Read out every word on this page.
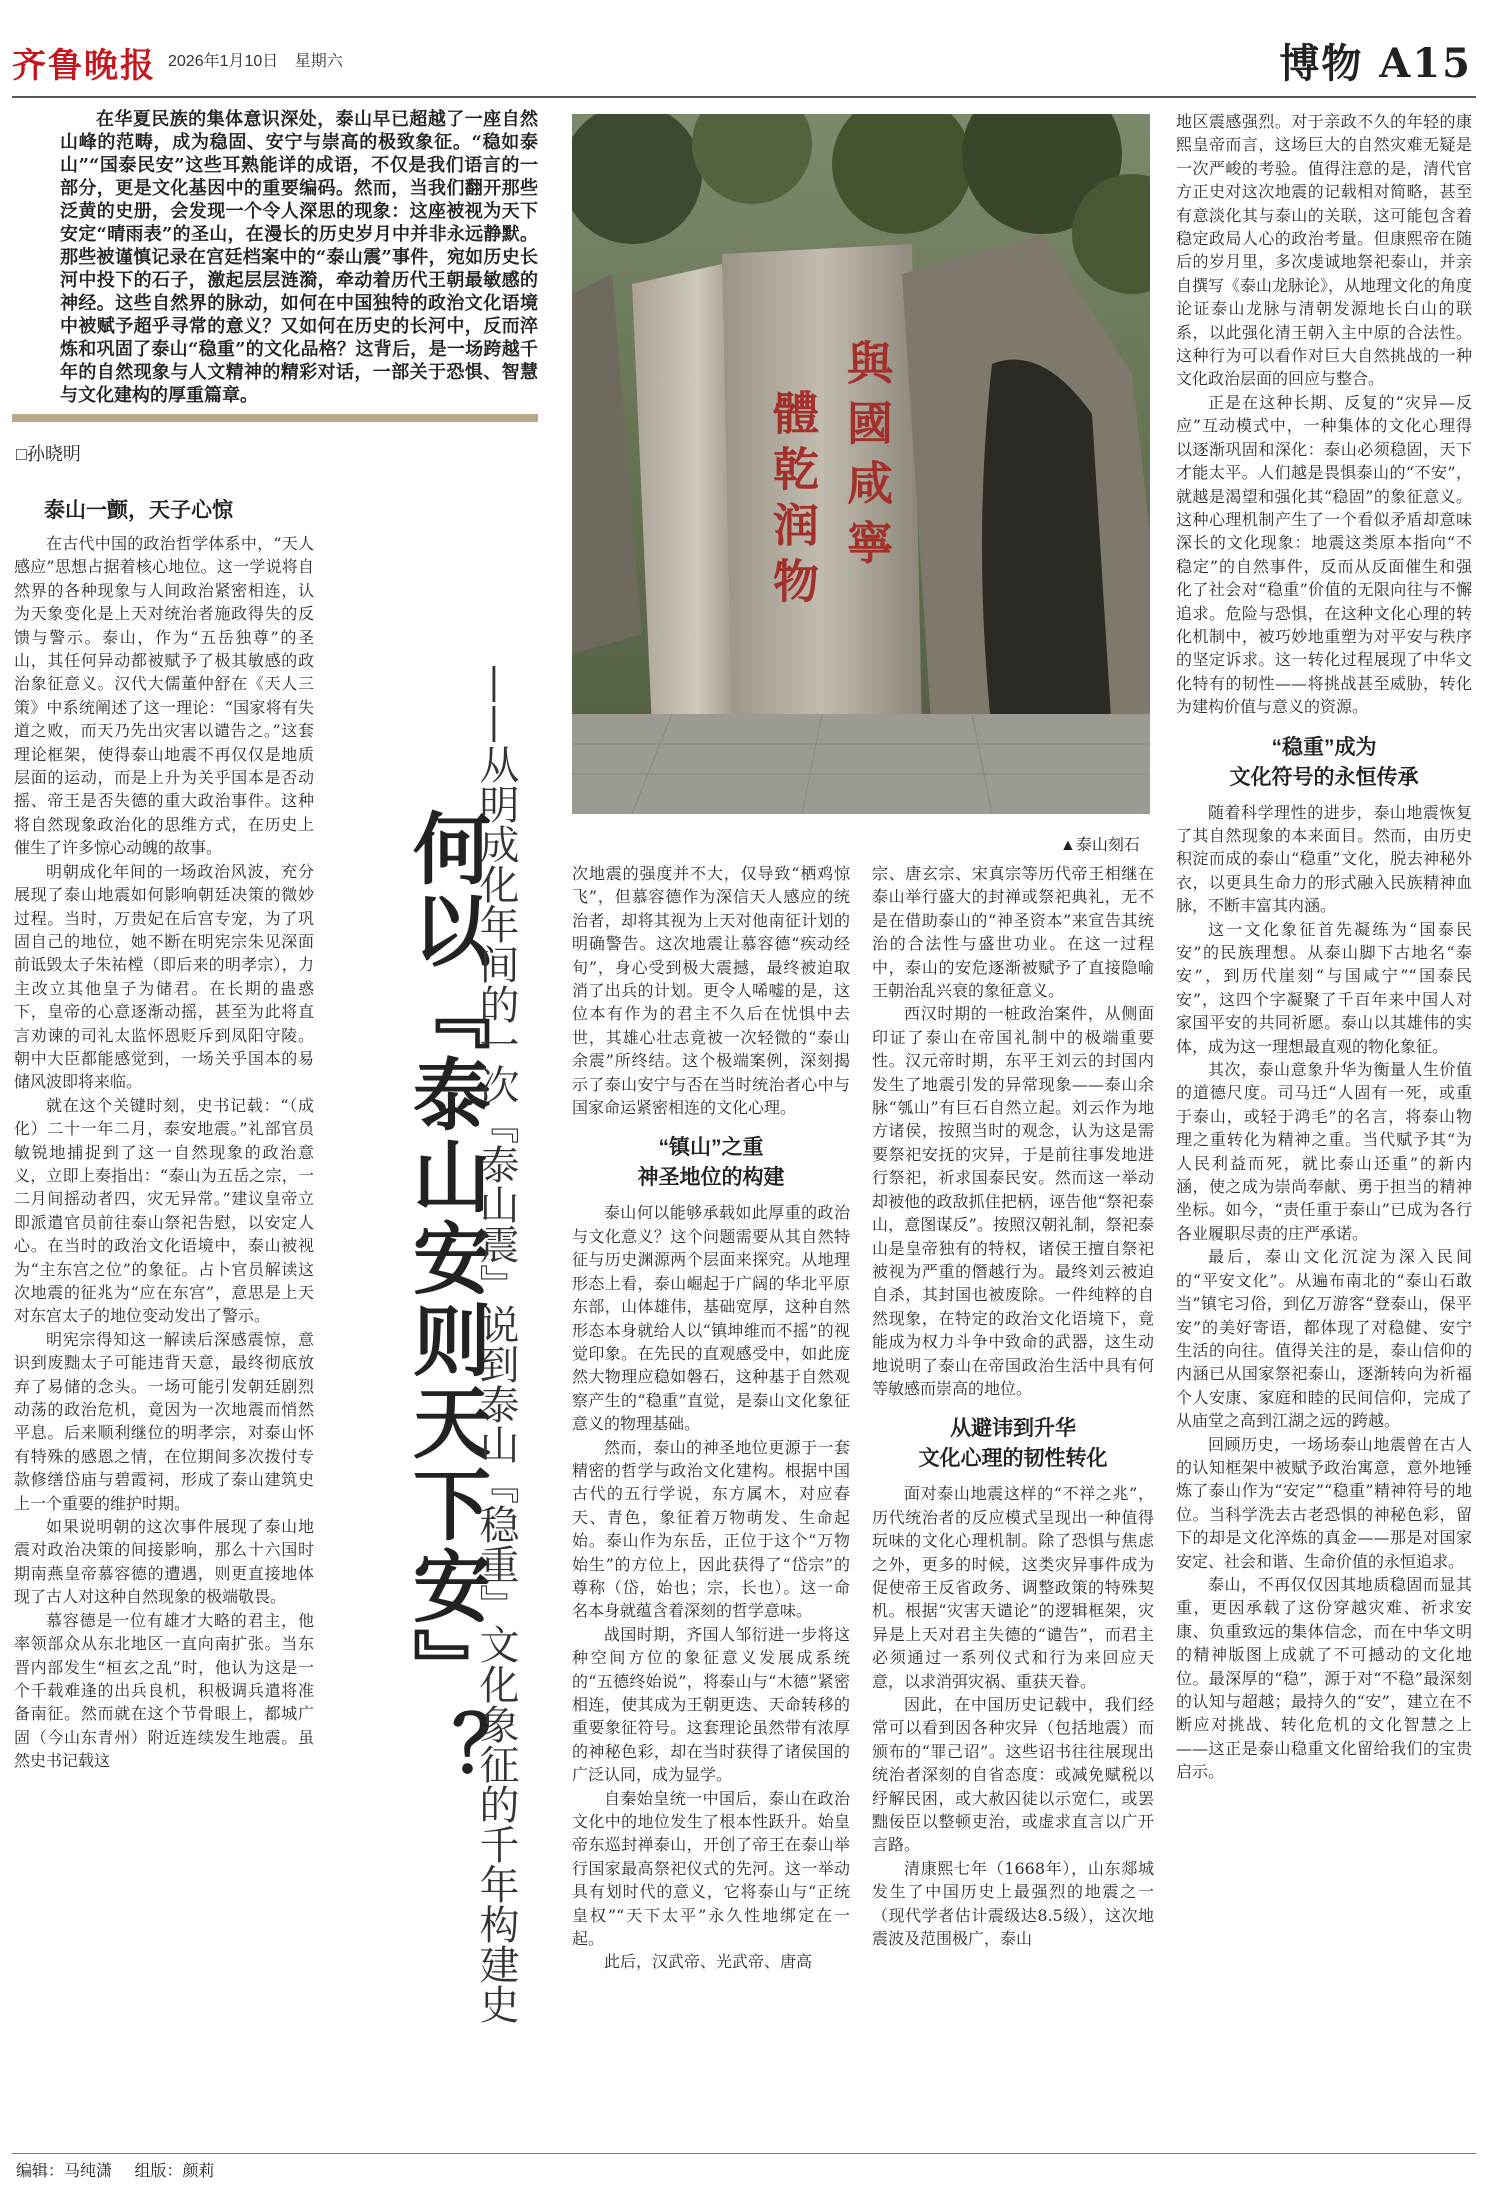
齐鲁晚报 2026年1月10日 星期六	博物 A15
在华夏民族的集体意识深处，泰山早已超越了一座自然山峰的范畴，成为稳固、安宁与崇高的极致象征。“稳如泰山”“国泰民安”这些耳熟能详的成语，不仅是我们语言的一部分，更是文化基因中的重要编码。然而，当我们翻开那些泛黄的史册，会发现一个令人深思的现象：这座被视为天下安定“晴雨表”的圣山，在漫长的历史岁月中并非永远静默。那些被谨慎记录在宫廷档案中的“泰山震”事件，宛如历史长河中投下的石子，激起层层涟漪，牵动着历代王朝最敏感的神经。这些自然界的脉动，如何在中国独特的政治文化语境中被赋予超乎寻常的意义？又如何在历史的长河中，反而淬炼和巩固了泰山“稳重”的文化品格？这背后，是一场跨越千年的自然现象与人文精神的精彩对话，一部关于恐惧、智慧与文化建构的厚重篇章。
□孙晓明	體乾润物 與國咸寧
▲泰山刻石
何以『泰山安则天下安』？
——从明成化年间的一次『泰山震』说到泰山『稳重』文化象征的千年构建史
泰山一颤，天子心惊

在古代中国的政治哲学体系中，“天人感应”思想占据着核心地位。这一学说将自然界的各种现象与人间政治紧密相连，认为天象变化是上天对统治者施政得失的反馈与警示。泰山，作为“五岳独尊”的圣山，其任何异动都被赋予了极其敏感的政治象征意义。汉代大儒董仲舒在《天人三策》中系统阐述了这一理论：“国家将有失道之败，而天乃先出灾害以谴告之。”这套理论框架，使得泰山地震不再仅仅是地质层面的运动，而是上升为关乎国本是否动摇、帝王是否失德的重大政治事件。这种将自然现象政治化的思维方式，在历史上催生了许多惊心动魄的故事。

明朝成化年间的一场政治风波，充分展现了泰山地震如何影响朝廷决策的微妙过程。当时，万贵妃在后宫专宠，为了巩固自己的地位，她不断在明宪宗朱见深面前诋毁太子朱祐樘（即后来的明孝宗），力主改立其他皇子为储君。在长期的蛊惑下，皇帝的心意逐渐动摇，甚至为此将直言劝谏的司礼太监怀恩贬斥到凤阳守陵。朝中大臣都能感觉到，一场关乎国本的易储风波即将来临。

就在这个关键时刻，史书记载：“（成化）二十一年二月，泰安地震。”礼部官员敏锐地捕捉到了这一自然现象的政治意义，立即上奏指出：“泰山为五岳之宗，一二月间摇动者四，灾无异常。”建议皇帝立即派遣官员前往泰山祭祀告慰，以安定人心。在当时的政治文化语境中，泰山被视为“主东宫之位”的象征。占卜官员解读这次地震的征兆为“应在东宫”，意思是上天对东宫太子的地位变动发出了警示。

明宪宗得知这一解读后深感震惊，意识到废黜太子可能违背天意，最终彻底放弃了易储的念头。一场可能引发朝廷剧烈动荡的政治危机，竟因为一次地震而悄然平息。后来顺利继位的明孝宗，对泰山怀有特殊的感恩之情，在位期间多次拨付专款修缮岱庙与碧霞祠，形成了泰山建筑史上一个重要的维护时期。

如果说明朝的这次事件展现了泰山地震对政治决策的间接影响，那么十六国时期南燕皇帝慕容德的遭遇，则更直接地体现了古人对这种自然现象的极端敬畏。

慕容德是一位有雄才大略的君主，他率领部众从东北地区一直向南扩张。当东晋内部发生“桓玄之乱”时，他认为这是一个千载难逢的出兵良机，积极调兵遣将准备南征。然而就在这个节骨眼上，都城广固（今山东青州）附近连续发生地震。虽然史书记载这

次地震的强度并不大，仅导致“栖鸡惊飞”，但慕容德作为深信天人感应的统治者，却将其视为上天对他南征计划的明确警告。这次地震让慕容德“疾动经旬”，身心受到极大震撼，最终被迫取消了出兵的计划。更令人唏嘘的是，这位本有作为的君主不久后在忧惧中去世，其雄心壮志竟被一次轻微的“泰山余震”所终结。这个极端案例，深刻揭示了泰山安宁与否在当时统治者心中与国家命运紧密相连的文化心理。

“镇山”之重
神圣地位的构建

泰山何以能够承载如此厚重的政治与文化意义？这个问题需要从其自然特征与历史渊源两个层面来探究。从地理形态上看，泰山崛起于广阔的华北平原东部，山体雄伟，基础宽厚，这种自然形态本身就给人以“镇坤维而不摇”的视觉印象。在先民的直观感受中，如此庞然大物理应稳如磐石，这种基于自然观察产生的“稳重”直觉，是泰山文化象征意义的物理基础。

然而，泰山的神圣地位更源于一套精密的哲学与政治文化建构。根据中国古代的五行学说，东方属木，对应春天、青色，象征着万物萌发、生命起始。泰山作为东岳，正位于这个“万物始生”的方位上，因此获得了“岱宗”的尊称（岱，始也；宗，长也）。这一命名本身就蕴含着深刻的哲学意味。

战国时期，齐国人邹衍进一步将这种空间方位的象征意义发展成系统的“五德终始说”，将泰山与“木德”紧密相连，使其成为王朝更迭、天命转移的重要象征符号。这套理论虽然带有浓厚的神秘色彩，却在当时获得了诸侯国的广泛认同，成为显学。

自秦始皇统一中国后，泰山在政治文化中的地位发生了根本性跃升。始皇帝东巡封禅泰山，开创了帝王在泰山举行国家最高祭祀仪式的先河。这一举动具有划时代的意义，它将泰山与“正统皇权”“天下太平”永久性地绑定在一起。

此后，汉武帝、光武帝、唐高

宗、唐玄宗、宋真宗等历代帝王相继在泰山举行盛大的封禅或祭祀典礼，无不是在借助泰山的“神圣资本”来宣告其统治的合法性与盛世功业。在这一过程中，泰山的安危逐渐被赋予了直接隐喻王朝治乱兴衰的象征意义。

西汉时期的一桩政治案件，从侧面印证了泰山在帝国礼制中的极端重要性。汉元帝时期，东平王刘云的封国内发生了地震引发的异常现象——泰山余脉“瓠山”有巨石自然立起。刘云作为地方诸侯，按照当时的观念，认为这是需要祭祀安抚的灾异，于是前往事发地进行祭祀，祈求国泰民安。然而这一举动却被他的政敌抓住把柄，诬告他“祭祀泰山，意图谋反”。按照汉朝礼制，祭祀泰山是皇帝独有的特权，诸侯王擅自祭祀被视为严重的僭越行为。最终刘云被迫自杀，其封国也被废除。一件纯粹的自然现象，在特定的政治文化语境下，竟能成为权力斗争中致命的武器，这生动地说明了泰山在帝国政治生活中具有何等敏感而崇高的地位。

从避讳到升华
文化心理的韧性转化

面对泰山地震这样的“不祥之兆”，历代统治者的反应模式呈现出一种值得玩味的文化心理机制。除了恐惧与焦虑之外，更多的时候，这类灾异事件成为促使帝王反省政务、调整政策的特殊契机。根据“灾害天谴论”的逻辑框架，灾异是上天对君主失德的“谴告”，而君主必须通过一系列仪式和行为来回应天意，以求消弭灾祸、重获天眷。

因此，在中国历史记载中，我们经常可以看到因各种灾异（包括地震）而颁布的“罪己诏”。这些诏书往往展现出统治者深刻的自省态度：或减免赋税以纾解民困，或大赦囚徒以示宽仁，或罢黜佞臣以整顿吏治，或虚求直言以广开言路。

清康熙七年（1668年），山东郯城发生了中国历史上最强烈的地震之一（现代学者估计震级达8.5级），这次地震波及范围极广，泰山

地区震感强烈。对于亲政不久的年轻的康熙皇帝而言，这场巨大的自然灾难无疑是一次严峻的考验。值得注意的是，清代官方正史对这次地震的记载相对简略，甚至有意淡化其与泰山的关联，这可能包含着稳定政局人心的政治考量。但康熙帝在随后的岁月里，多次虔诚地祭祀泰山，并亲自撰写《泰山龙脉论》，从地理文化的角度论证泰山龙脉与清朝发源地长白山的联系，以此强化清王朝入主中原的合法性。这种行为可以看作对巨大自然挑战的一种文化政治层面的回应与整合。

正是在这种长期、反复的“灾异—反应”互动模式中，一种集体的文化心理得以逐渐巩固和深化：泰山必须稳固，天下才能太平。人们越是畏惧泰山的“不安”，就越是渴望和强化其“稳固”的象征意义。这种心理机制产生了一个看似矛盾却意味深长的文化现象：地震这类原本指向“不稳定”的自然事件，反而从反面催生和强化了社会对“稳重”价值的无限向往与不懈追求。危险与恐惧，在这种文化心理的转化机制中，被巧妙地重塑为对平安与秩序的坚定诉求。这一转化过程展现了中华文化特有的韧性——将挑战甚至威胁，转化为建构价值与意义的资源。

“稳重”成为
文化符号的永恒传承

随着科学理性的进步，泰山地震恢复了其自然现象的本来面目。然而，由历史积淀而成的泰山“稳重”文化，脱去神秘外衣，以更具生命力的形式融入民族精神血脉，不断丰富其内涵。

这一文化象征首先凝练为“国泰民安”的民族理想。从泰山脚下古地名“泰安”，到历代崖刻“与国咸宁”“国泰民安”，这四个字凝聚了千百年来中国人对家国平安的共同祈愿。泰山以其雄伟的实体，成为这一理想最直观的物化象征。

其次，泰山意象升华为衡量人生价值的道德尺度。司马迁“人固有一死，或重于泰山，或轻于鸿毛”的名言，将泰山物理之重转化为精神之重。当代赋予其“为人民利益而死，就比泰山还重”的新内涵，使之成为崇尚奉献、勇于担当的精神坐标。如今，“责任重于泰山”已成为各行各业履职尽责的庄严承诺。

最后，泰山文化沉淀为深入民间的“平安文化”。从遍布南北的“泰山石敢当”镇宅习俗，到亿万游客“登泰山，保平安”的美好寄语，都体现了对稳健、安宁生活的向往。值得关注的是，泰山信仰的内涵已从国家祭祀泰山，逐渐转向为祈福个人安康、家庭和睦的民间信仰，完成了从庙堂之高到江湖之远的跨越。

回顾历史，一场场泰山地震曾在古人的认知框架中被赋予政治寓意，意外地锤炼了泰山作为“安定”“稳重”精神符号的地位。当科学洗去古老恐惧的神秘色彩，留下的却是文化淬炼的真金——那是对国家安定、社会和谐、生命价值的永恒追求。

泰山，不再仅仅因其地质稳固而显其重，更因承载了这份穿越灾难、祈求安康、负重致远的集体信念，而在中华文明的精神版图上成就了不可撼动的文化地位。最深厚的“稳”，源于对“不稳”最深刻的认知与超越；最持久的“安”，建立在不断应对挑战、转化危机的文化智慧之上——这正是泰山稳重文化留给我们的宝贵启示。

编辑：马纯潇 组版：颜莉
